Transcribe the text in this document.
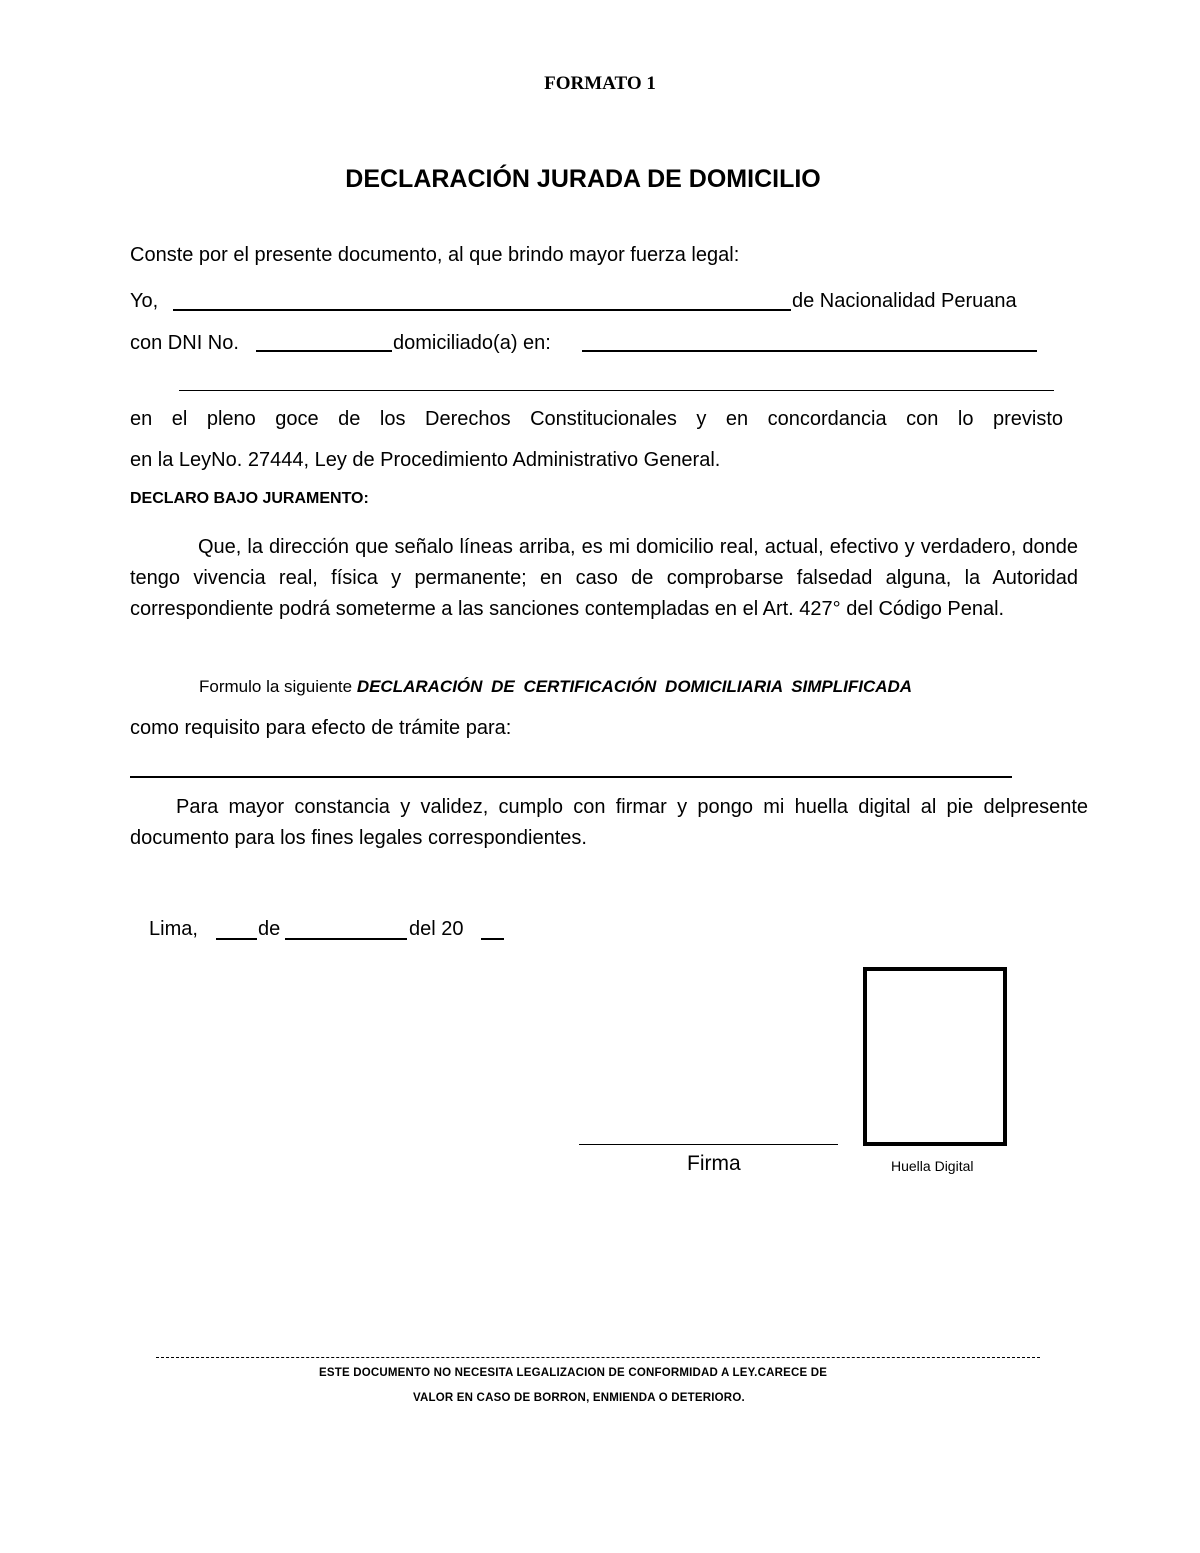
FORMATO 1
DECLARACIÓN JURADA DE DOMICILIO
Conste por el presente documento, al que brindo mayor fuerza legal:
Yo,	de Nacionalidad Peruana
con DNI No.	domiciliado(a) en:
en el pleno goce de los Derechos Constitucionales y en concordancia con lo previsto
en la LeyNo. 27444, Ley de Procedimiento Administrativo General.
DECLARO BAJO JURAMENTO:
Que, la dirección que señalo líneas arriba, es mi domicilio real, actual, efectivo y verdadero, donde tengo vivencia real, física y permanente; en caso de comprobarse falsedad alguna, la Autoridad correspondiente podrá someterme a las sanciones contempladas en el Art. 427° del Código Penal.
Formulo la siguiente DECLARACIÓN DE CERTIFICACIÓN DOMICILIARIA SIMPLIFICADA
como requisito para efecto de trámite para:
Para mayor constancia y validez, cumplo con firmar y pongo mi huella digital al pie delpresente documento para los fines legales correspondientes.
Lima,	de	del 20
Huella Digital
Firma
ESTE DOCUMENTO NO NECESITA LEGALIZACION DE CONFORMIDAD A LEY.CARECE DE
VALOR EN CASO DE BORRON, ENMIENDA O DETERIORO.
